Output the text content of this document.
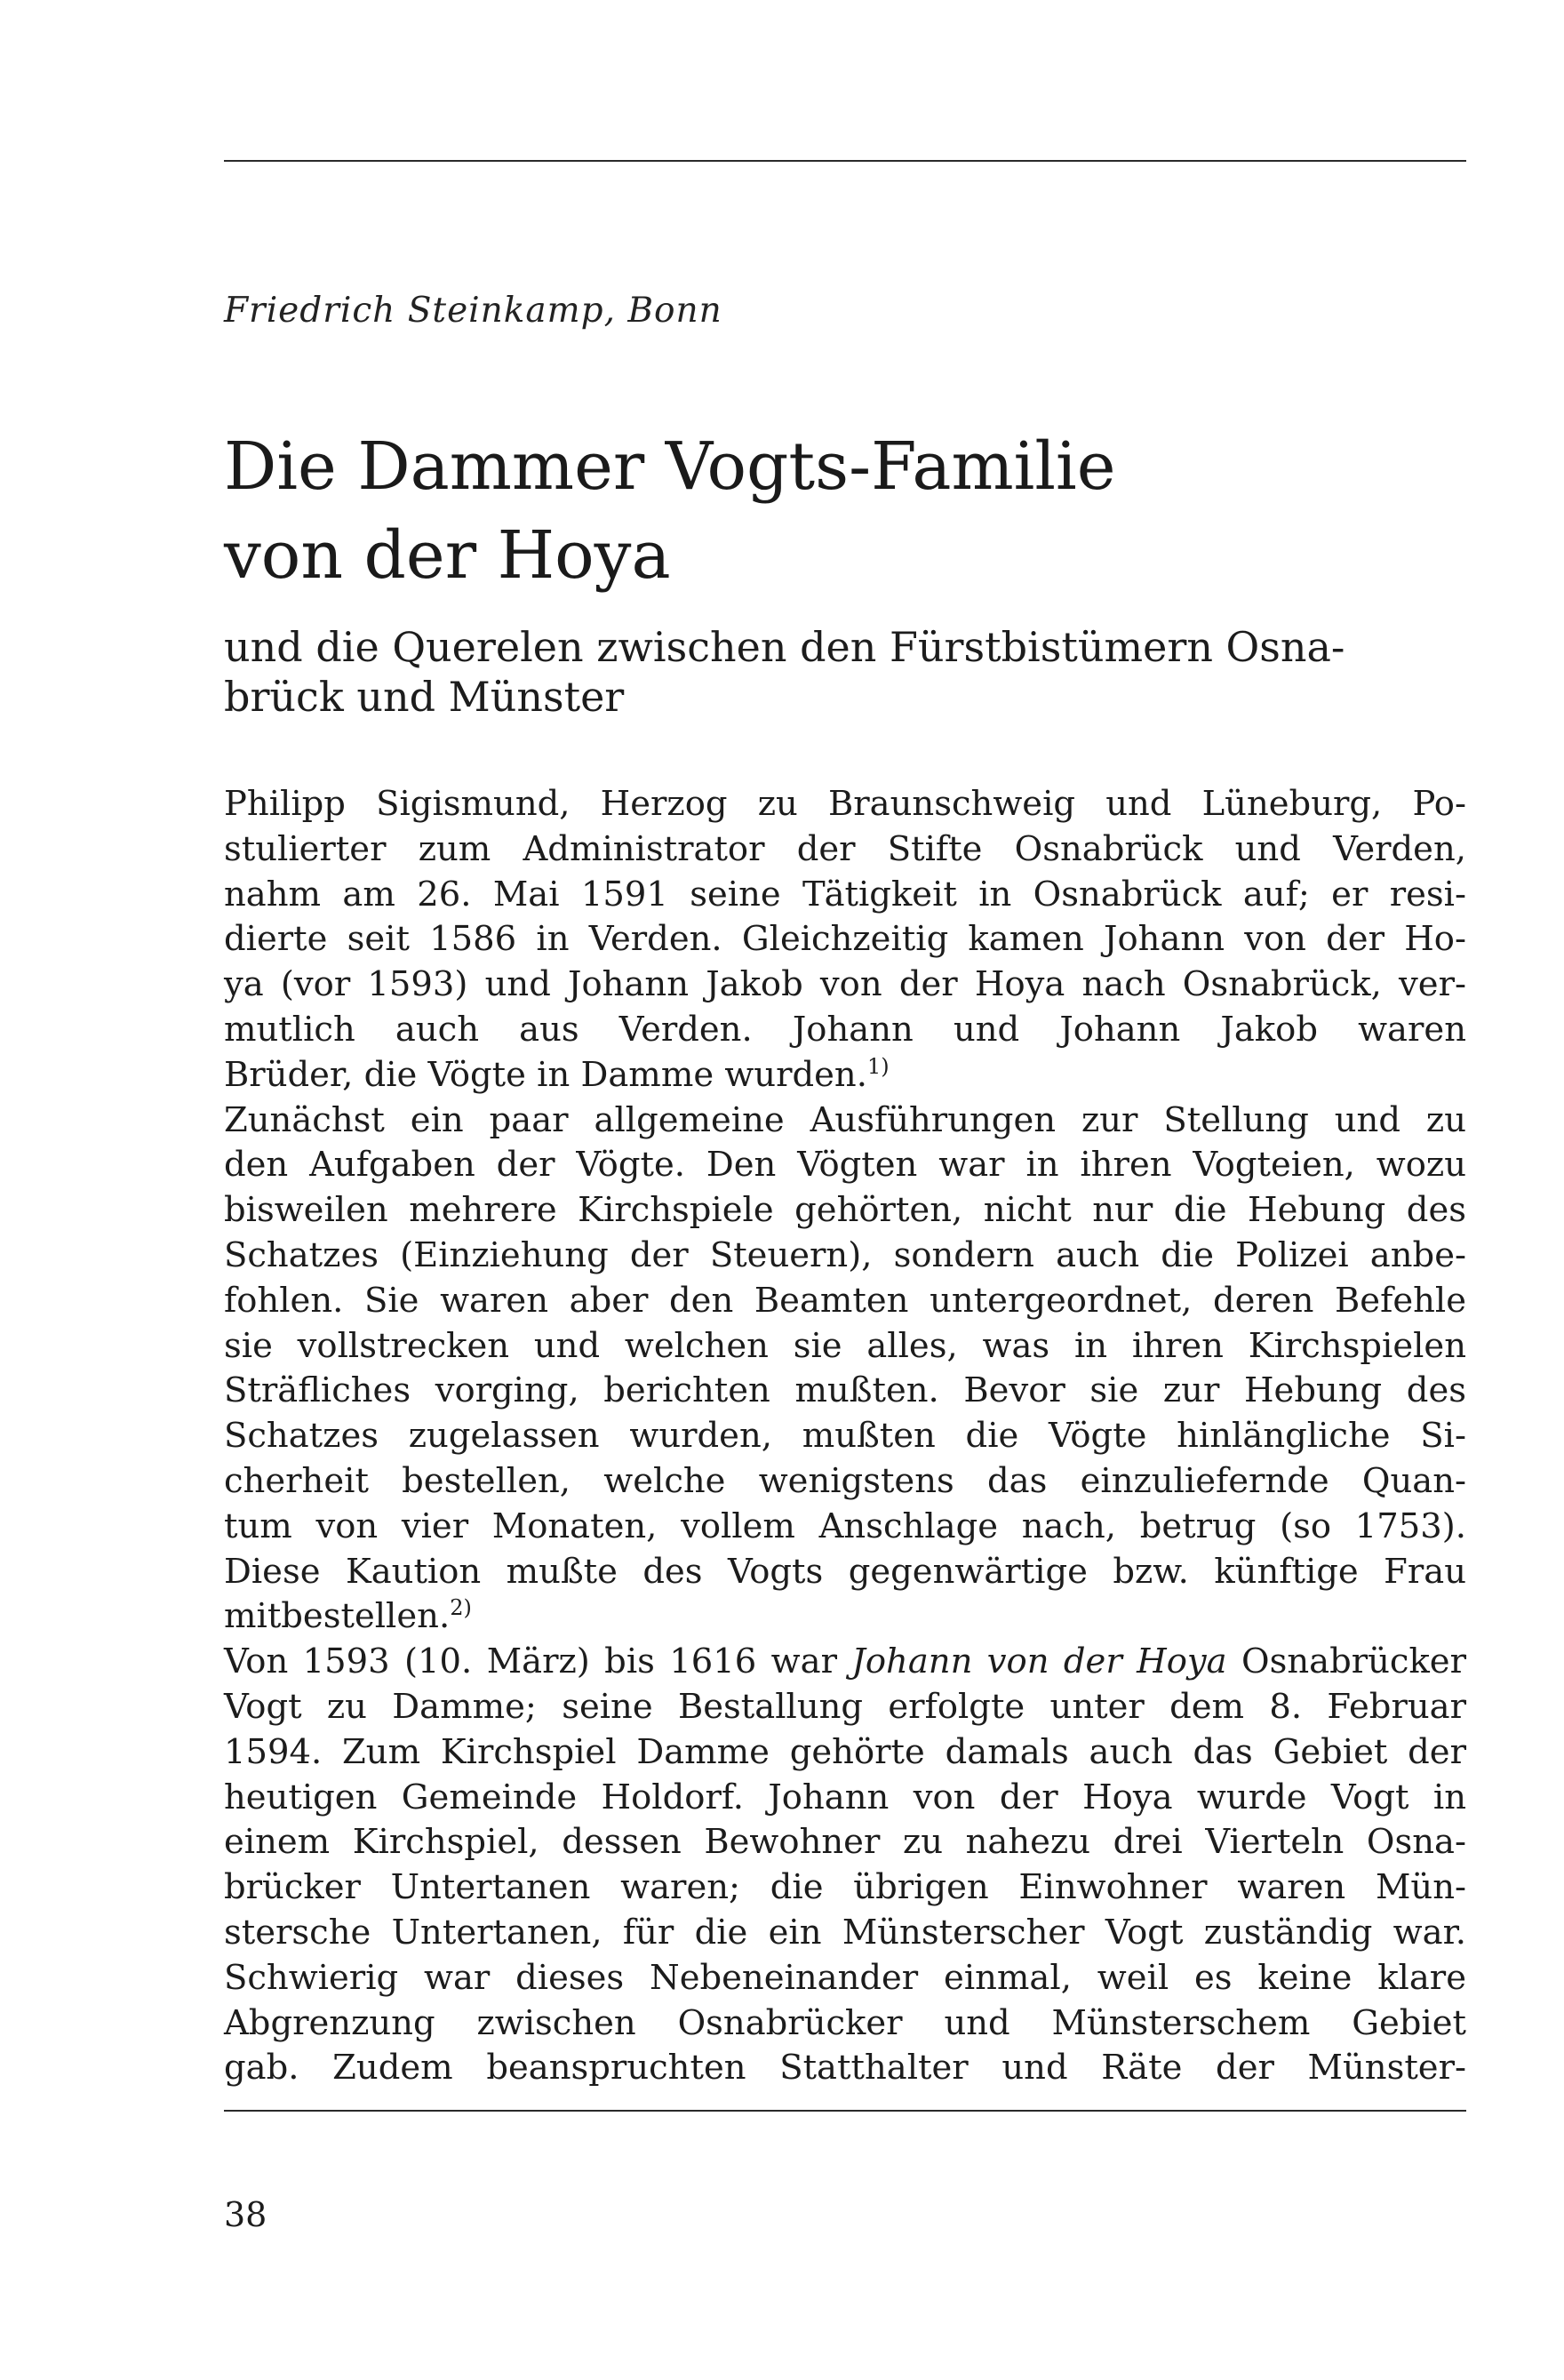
Friedrich Steinkamp, Bonn
Die Dammer Vogts-Familie
von der Hoya
und die Querelen zwischen den Fürstbistümern Osna-
brück und Münster
Philipp Sigismund, Herzog zu Braunschweig und Lüneburg, Po-
stulierter zum Administrator der Stifte Osnabrück und Verden,
nahm am 26. Mai 1591 seine Tätigkeit in Osnabrück auf; er resi-
dierte seit 1586 in Verden. Gleichzeitig kamen Johann von der Ho-
ya (vor 1593) und Johann Jakob von der Hoya nach Osnabrück, ver-
mutlich auch aus Verden. Johann und Johann Jakob waren
Brüder, die Vögte in Damme wurden.$^{1)}$
Zunächst ein paar allgemeine Ausführungen zur Stellung und zu
den Aufgaben der Vögte. Den Vögten war in ihren Vogteien, wozu
bisweilen mehrere Kirchspiele gehörten, nicht nur die Hebung des
Schatzes (Einziehung der Steuern), sondern auch die Polizei anbe-
fohlen. Sie waren aber den Beamten untergeordnet, deren Befehle
sie vollstrecken und welchen sie alles, was in ihren Kirchspielen
Sträfliches vorging, berichten mußten. Bevor sie zur Hebung des
Schatzes zugelassen wurden, mußten die Vögte hinlängliche Si-
cherheit bestellen, welche wenigstens das einzuliefernde Quan-
tum von vier Monaten, vollem Anschlage nach, betrug (so 1753).
Diese Kaution mußte des Vogts gegenwärtige bzw. künftige Frau
mitbestellen.$^{2)}$
Von 1593 (10. März) bis 1616 war Johann von der Hoya Osnabrücker
Vogt zu Damme; seine Bestallung erfolgte unter dem 8. Februar
1594. Zum Kirchspiel Damme gehörte damals auch das Gebiet der
heutigen Gemeinde Holdorf. Johann von der Hoya wurde Vogt in
einem Kirchspiel, dessen Bewohner zu nahezu drei Vierteln Osna-
brücker Untertanen waren; die übrigen Einwohner waren Mün-
stersche Untertanen, für die ein Münsterscher Vogt zuständig war.
Schwierig war dieses Nebeneinander einmal, weil es keine klare
Abgrenzung zwischen Osnabrücker und Münsterschem Gebiet
gab. Zudem beanspruchten Statthalter und Räte der Münster-
38
